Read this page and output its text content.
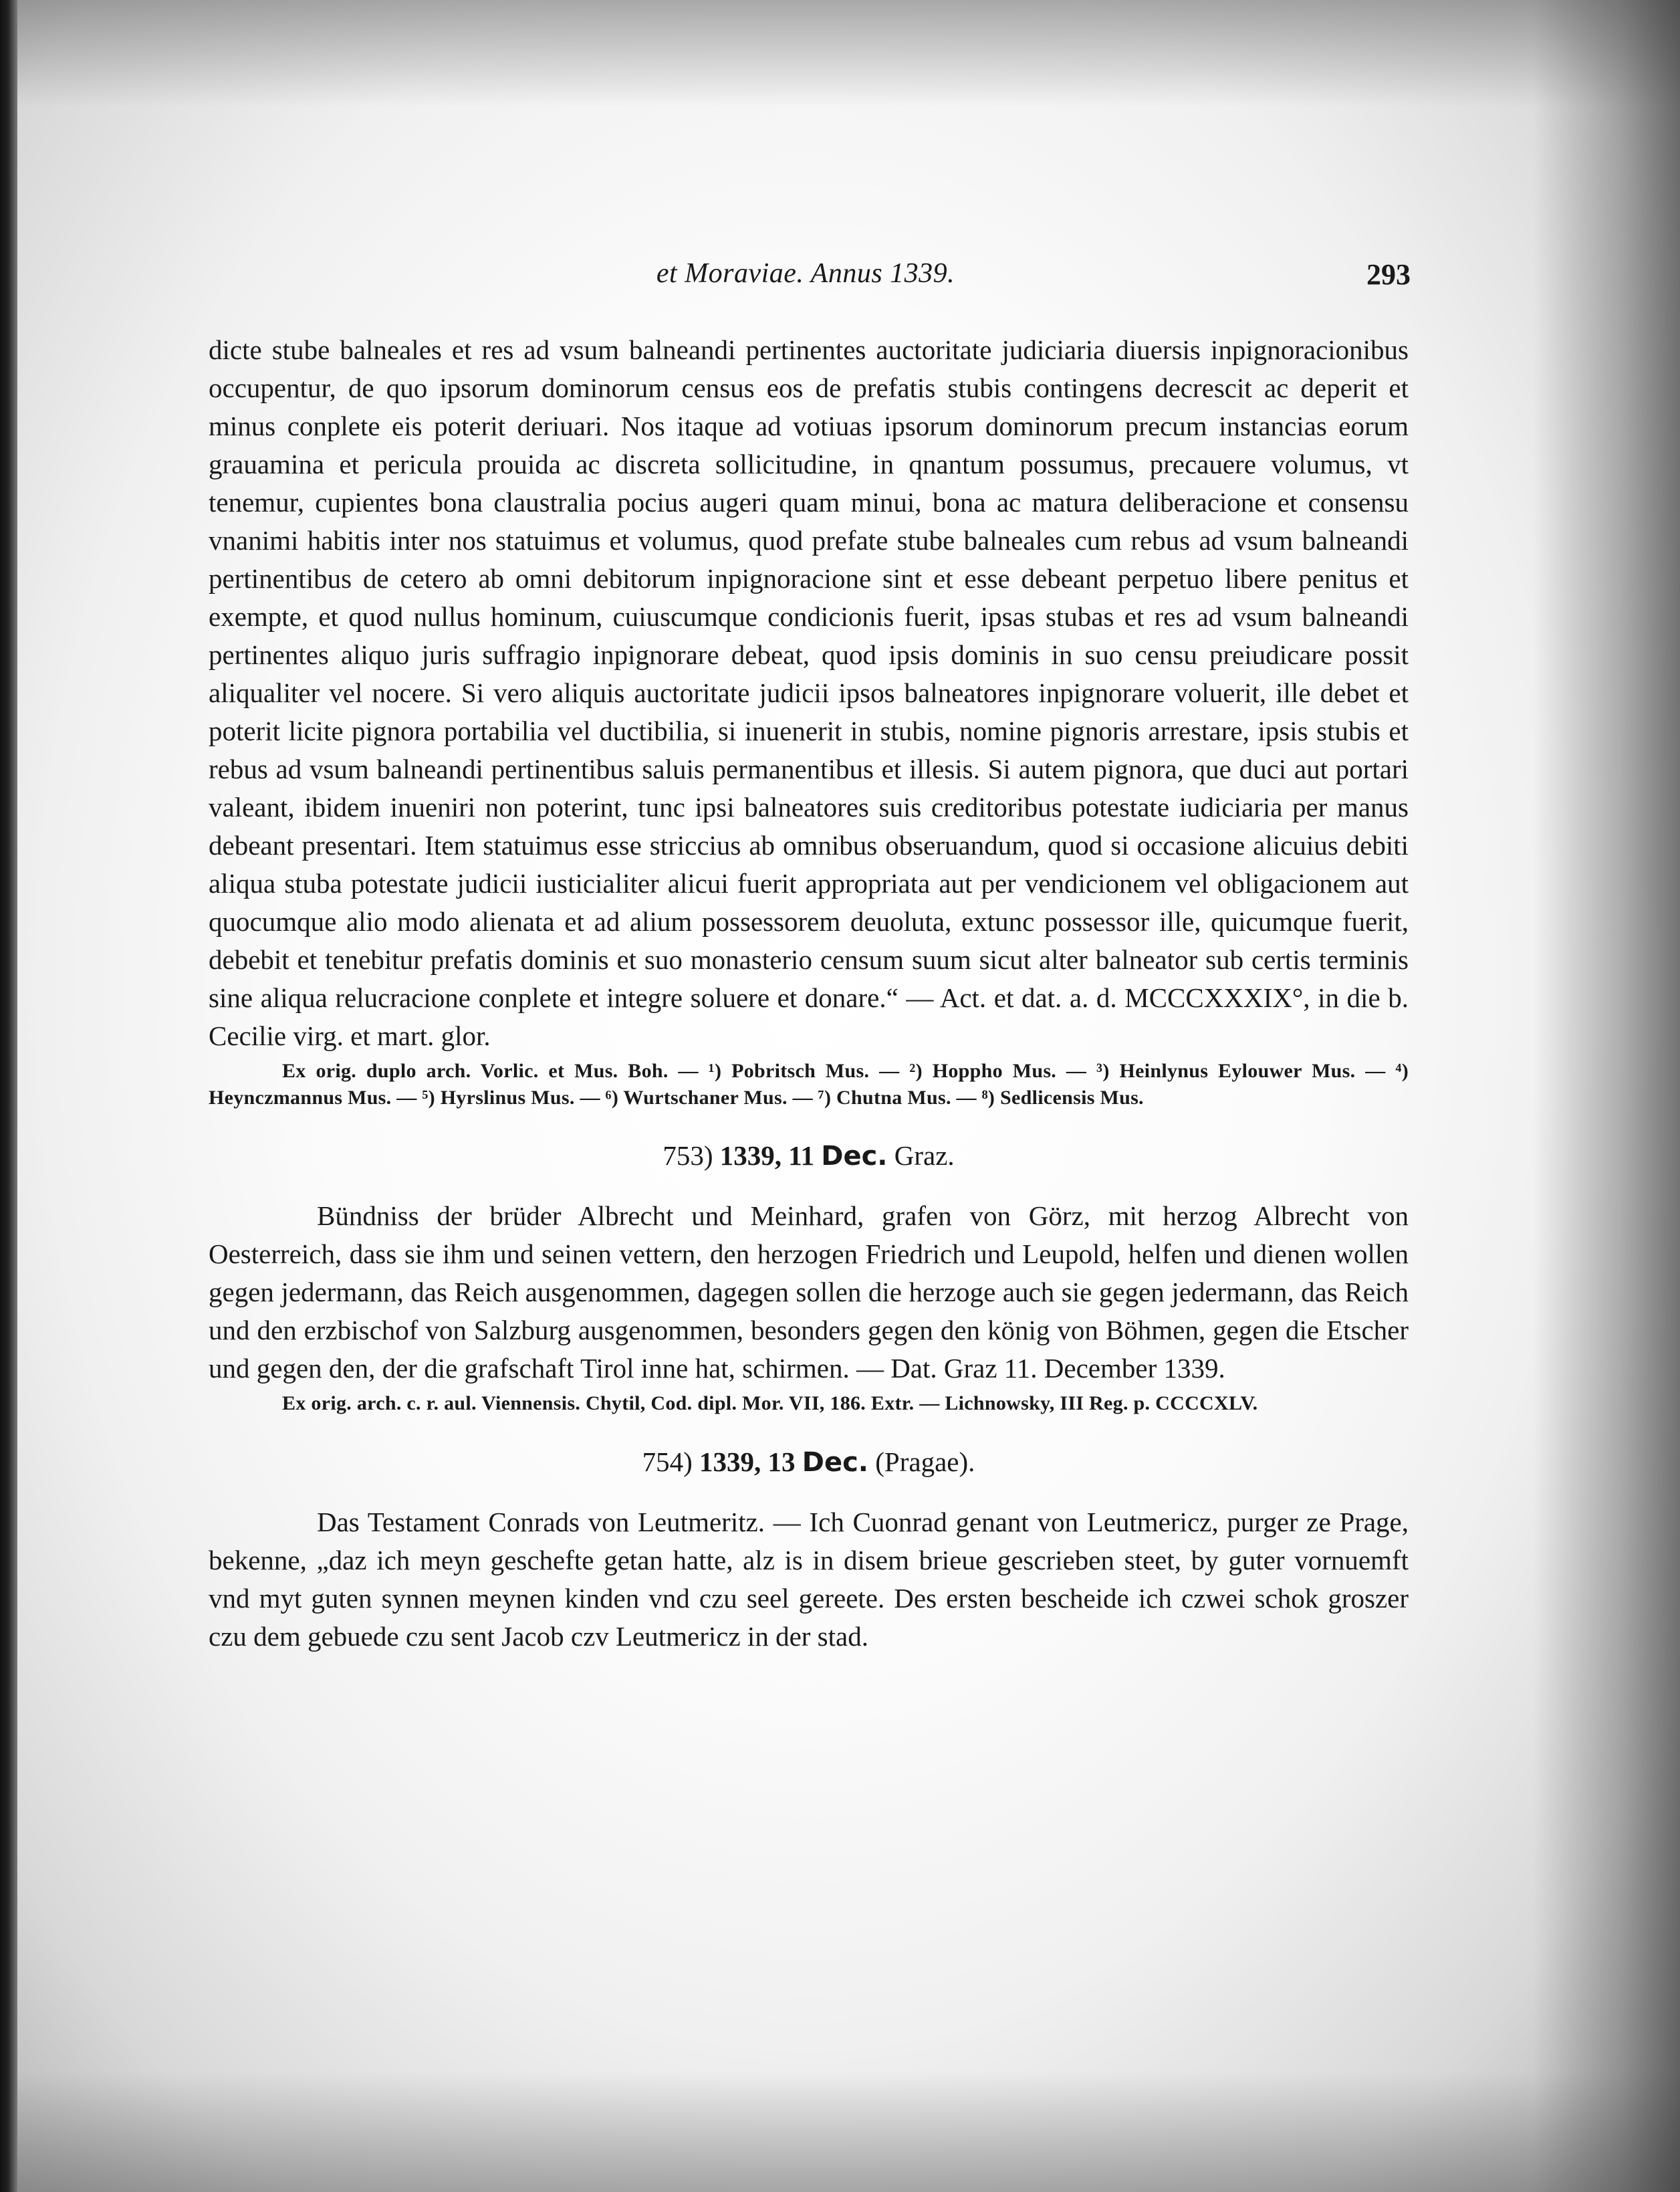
et Moraviae. Annus 1339.	293

dicte stube balneales et res ad vsum balneandi pertinentes auctoritate judiciaria diuersis inpignoracionibus occupentur, de quo ipsorum dominorum census eos de prefatis stubis contingens decrescit ac deperit et minus conplete eis poterit deriuari. Nos itaque ad votiuas ipsorum dominorum precum instancias eorum grauamina et pericula prouida ac discreta sollicitudine, in qnantum possumus, precauere volumus, vt tenemur, cupientes bona claustralia pocius augeri quam minui, bona ac matura deliberacione et consensu vnanimi habitis inter nos statuimus et volumus, quod prefate stube balneales cum rebus ad vsum balneandi pertinentibus de cetero ab omni debitorum inpignoracione sint et esse debeant perpetuo libere penitus et exempte, et quod nullus hominum, cuiuscumque condicionis fuerit, ipsas stubas et res ad vsum balneandi pertinentes aliquo juris suffragio inpignorare debeat, quod ipsis dominis in suo censu preiudicare possit aliqualiter vel nocere. Si vero aliquis auctoritate judicii ipsos balneatores inpignorare voluerit, ille debet et poterit licite pignora portabilia vel ductibilia, si inuenerit in stubis, nomine pignoris arrestare, ipsis stubis et rebus ad vsum balneandi pertinentibus saluis permanentibus et illesis. Si autem pignora, que duci aut portari valeant, ibidem inueniri non poterint, tunc ipsi balneatores suis creditoribus potestate iudiciaria per manus debeant presentari. Item statuimus esse striccius ab omnibus obseruandum, quod si occasione alicuius debiti aliqua stuba potestate judicii iusticialiter alicui fuerit appropriata aut per vendicionem vel obligacionem aut quocumque alio modo alienata et ad alium possessorem deuoluta, extunc possessor ille, quicumque fuerit, debebit et tenebitur prefatis dominis et suo monasterio censum suum sicut alter balneator sub certis terminis sine aliqua relucracione conplete et integre soluere et donare.“ — Act. et dat. a. d. MCCCXXXIX°, in die b. Cecilie virg. et mart. glor.

Ex orig. duplo arch. Vorlic. et Mus. Boh. — ¹) Pobritsch Mus. — ²) Hoppho Mus. — ³) Heinlynus Eylouwer Mus. — ⁴) Heynczmannus Mus. — ⁵) Hyrslinus Mus. — ⁶) Wurtschaner Mus. — ⁷) Chutna Mus. — ⁸) Sedlicensis Mus.

753) 1339, 11 Dec. Graz.

Bündniss der brüder Albrecht und Meinhard, grafen von Görz, mit herzog Albrecht von Oesterreich, dass sie ihm und seinen vettern, den herzogen Friedrich und Leupold, helfen und dienen wollen gegen jedermann, das Reich ausgenommen, dagegen sollen die herzoge auch sie gegen jedermann, das Reich und den erzbischof von Salzburg ausgenommen, besonders gegen den könig von Böhmen, gegen die Etscher und gegen den, der die grafschaft Tirol inne hat, schirmen. — Dat. Graz 11. December 1339.

Ex orig. arch. c. r. aul. Viennensis. Chytil, Cod. dipl. Mor. VII, 186. Extr. — Lichnowsky, III Reg. p. CCCCXLV.

754) 1339, 13 Dec. (Pragae).

Das Testament Conrads von Leutmeritz. — Ich Cuonrad genant von Leutmericz, purger ze Prage, bekenne, „daz ich meyn geschefte getan hatte, alz is in disem brieue gescrieben steet, by guter vornuemft vnd myt guten synnen meynen kinden vnd czu seel gereete. Des ersten bescheide ich czwei schok groszer czu dem gebuede czu sent Jacob czv Leutmericz in der stad.
